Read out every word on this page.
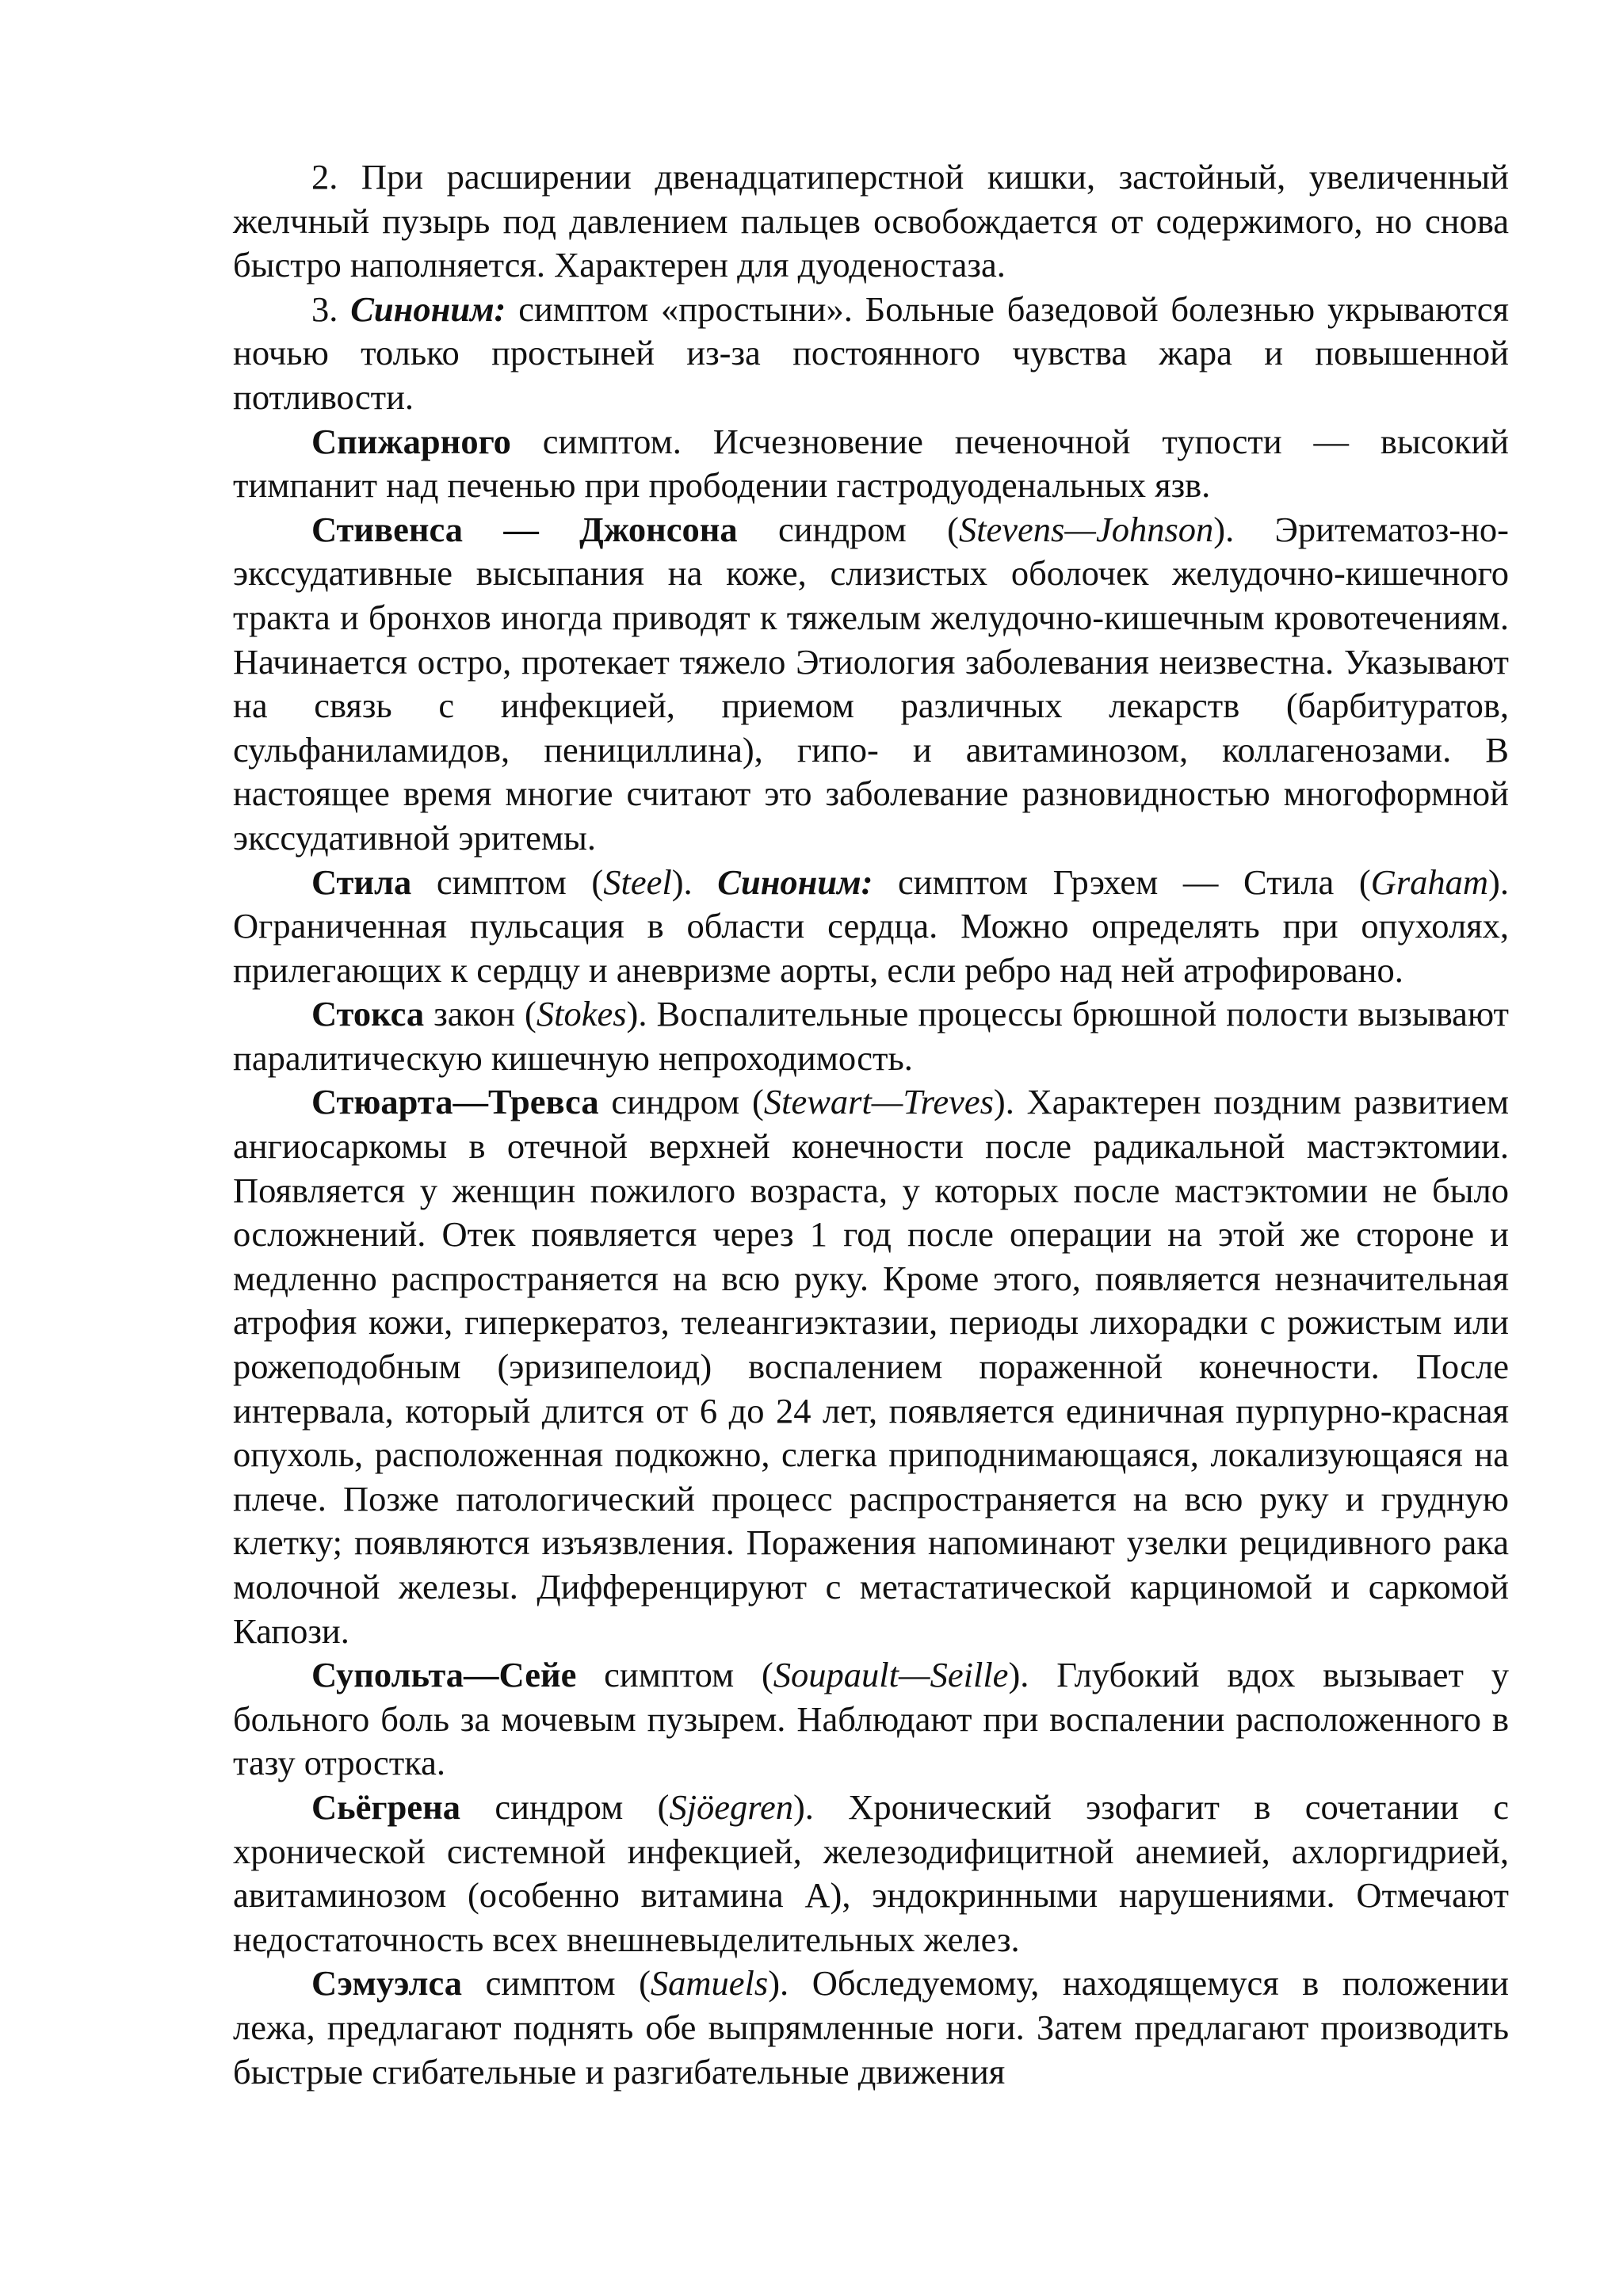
2. При расширении двенадцатиперстной кишки, застойный, увеличенный желчный пузырь под давлением пальцев освобождается от содержимого, но снова быстро наполняется. Характерен для дуоденостаза.

3. Синоним: симптом «простыни». Больные базедовой болезнью укрываются ночью только простыней из-за постоянного чувства жара и повышенной потливости.

Спижарного симптом. Исчезновение печеночной тупости — высокий тимпанит над печенью при прободении гастродуоденальных язв.

Стивенса — Джонсона синдром (Stevens—Johnson). Эритематоз-но-экссудативные высыпания на коже, слизистых оболочек желудочно-кишечного тракта и бронхов иногда приводят к тяжелым желудочно-кишечным кровотечениям. Начинается остро, протекает тяжело Этиология заболевания неизвестна. Указывают на связь с инфекцией, приемом различных лекарств (барбитуратов, сульфаниламидов, пенициллина), гипо- и авитаминозом, коллагенозами. В настоящее время многие считают это заболевание разновидностью многоформной экссудативной эритемы.

Стила симптом (Steel). Синоним: симптом Грэхем — Стила (Graham). Ограниченная пульсация в области сердца. Можно определять при опухолях, прилегающих к сердцу и аневризме аорты, если ребро над ней атрофировано.

Стокса закон (Stokes). Воспалительные процессы брюшной полости вызывают паралитическую кишечную непроходимость.

Стюарта—Тревса синдром (Stewart—Treves). Характерен поздним развитием ангиосаркомы в отечной верхней конечности после радикальной мастэктомии. Появляется у женщин пожилого возраста, у которых после мастэктомии не было осложнений. Отек появляется через 1 год после операции на этой же стороне и медленно распространяется на всю руку. Кроме этого, появляется незначительная атрофия кожи, гиперкератоз, телеангиэктазии, периоды лихорадки с рожистым или рожеподобным (эризипелоид) воспалением пораженной конечности. После интервала, который длится от 6 до 24 лет, появляется единичная пурпурно-красная опухоль, расположенная подкожно, слегка приподнимающаяся, локализующаяся на плече. Позже патологический процесс распространяется на всю руку и грудную клетку; появляются изъязвления. Поражения напоминают узелки рецидивного рака молочной железы. Дифференцируют с метастатической карциномой и саркомой Капози.

Супольта—Сейе симптом (Soupault—Seille). Глубокий вдох вызывает у больного боль за мочевым пузырем. Наблюдают при воспалении расположенного в тазу отростка.

Сьёгрена синдром (Sjöegren). Хронический эзофагит в сочетании с хронической системной инфекцией, железодифицитной анемией, ахлоргидрией, авитаминозом (особенно витамина А), эндокринными нарушениями. Отмечают недостаточность всех внешневыделительных желез.

Сэмуэлса симптом (Samuels). Обследуемому, находящемуся в положении лежа, предлагают поднять обе выпрямленные ноги. Затем предлагают производить быстрые сгибательные и разгибательные движения
